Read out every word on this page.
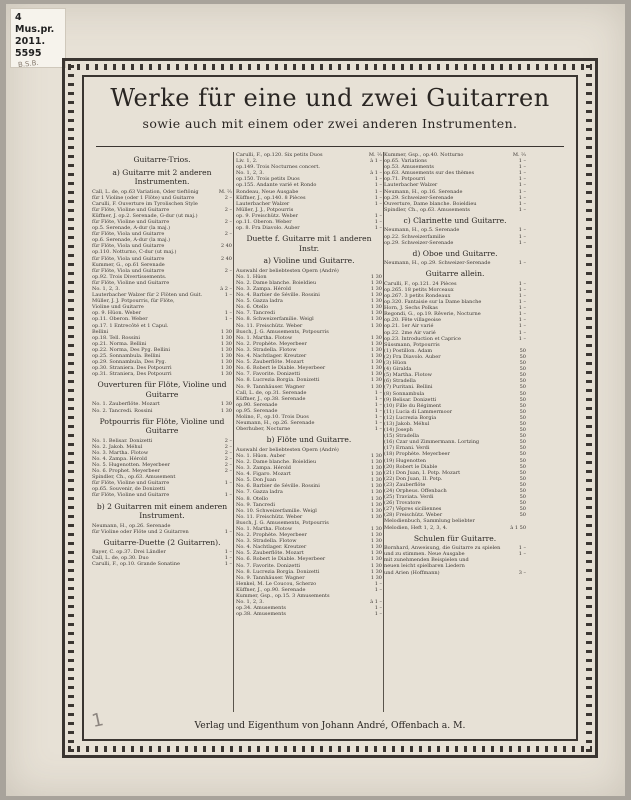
4
Mus.pr.
2011.
5595
B.S.B.
Werke für eine und zwei Guitarren
sowie auch mit einem oder zwei anderen Instrumenten.
Guitarre-Trios.
a) Guitarre mit 2 anderen Instrumenten.
Call, L. de, op.63 Variation, Oder tieftönig	M. ⅔
für 1 Violine (oder 1 Flöte) und Guitarre	2 –
Carulli, F. Ouverture im Tyrolischen Style
für Flöte, Violine und Guitarre	2 –
Küffner, J. op.2. Serenade, G-dur (ut maj.)
für Flöte, Violine und Guitarre	2 –
op.5. Serenade, A-dur (la maj.)
für Flöte, Viola und Guitarre	2 –
op.6. Serenade, A-dur (la maj.)
für Flöte, Viola und Guitarre	2 40
op.110. Notturno, C-dur (ut maj.)
für Flöte, Viola und Guitarre	2 40
Kummer, G., op.61 Serenade
für Flöte, Viola und Guitarre	2 –
op.92. Trois Divertissements.
für Flöte, Violine und Guitarre
No. 1, 2, 3.	à 2 –
Lauterbacher Walzer für 2 Flöten und Guit.	1 –
Müller, J. J. Potpourris, für Flöte,
Violine und Guitarre
op. 9. Hüon. Weber	1 –
op.11. Oberon. Weber	1 –
op.17. 1 Entrecôté et 1 Capul.
Bellini	1 30
op.18. Tell. Rossini	1 30
op.21. Norma. Bellini	1 30
op.22. Norma, Des Pyg. Bellini	1 30
op.25. Sonnambula. Bellini	1 30
op.29. Sonnambula, Des Pyg.	1 30
op.30. Straniera. Des Potpourri	1 30
op.31. Straniera, Des Potpourri	1 30
Ouverturen für Flöte, Violine und Guitarre
No. 1. Zauberflöte. Mozart	1 30
No. 2. Tancredi. Rossini	1 30
Potpourris für Flöte, Violine und Guitarre
No. 1. Belisar. Donizetti	2 –
No. 2. Jakob. Méhul	2 –
No. 3. Martha. Flotow	2 –
No. 4. Zampa. Hérold	2 –
No. 5. Hugenotten. Meyerbeer	2 –
No. 6. Prophet. Meyerbeer	2 –
Spindler, Ch., op.63. Amusement
für Flöte, Violine und Guitarre	1 –
op.65. Souvenir, de Donizetti
für Flöte, Violine und Guitarre	1 –
b) 2 Guitarren mit einem anderen Instrument.
Neumann, H., op.26. Serenade
für Violine oder Flöte und 2 Guitarren	1 –
Guitarre-Duette (2 Guitarren).
Bayer, C. op.37. Drei Ländler	1 –
Call, L. de, op.30. Duo	1 –
Carulli, F., op.10. Grande Sonatine	1 –
Carulli, F., op.120. Six petits Duos	M. ⅔
Liv. 1, 2.	à 1 –
op.149. Trois Nocturnes concert.
No. 1, 2, 3.	à 1 –
op.150. Trois petits Duos	1 –
op.155. Andante varié et Rondo	1 –
Rondeau, Neue Ausgabe	1 –
Küffner, J., op.140. 8 Pièces	1 –
Lauterbacher Walzer	1 –
Müller, J. J., Potpourris
op. 9. Freischütz. Weber	1 –
op.11. Oberon. Weber	1 –
op. 8. Fra Diavolo. Auber	1 –
Duette f. Guitarre mit 1 anderen Instr.
a) Violine und Guitarre.
Auswahl der beliebtesten Opern (André)
No. 1. Hüon	1 30
No. 2. Dame blanche. Boieldieu	1 30
No. 3. Zampa. Hérold	1 30
No. 4. Barbier de Séville. Rossini	1 30
No. 5. Gazza ladra	1 30
No. 6. Otello	1 30
No. 7. Tancredi	1 30
No. 8. Schweizerfamilie. Weigl	1 30
No. 11. Freischütz. Weber	1 30
Busch, J. G. Amusements, Potpourris
No. 1. Martha. Flotow	1 30
No. 2. Prophète. Meyerbeer	1 30
No. 3. Stradella. Flotow	1 30
No. 4. Nachtlager. Kreutzer	1 30
No. 5. Zauberflöte. Mozart	1 30
No. 6. Robert le Diable. Meyerbeer	1 30
No. 7. Favorite. Donizetti	1 30
No. 8. Lucrezia Borgia. Donizetti	1 30
No. 9. Tannhäuser. Wagner	1 30
Call, L. de, op.31. Serenade	1 –
Küffner, J., op.38. Serenade	1 –
op.90. Serenade	1 –
op.95. Serenade	1 –
Molino, F., op.10. Trois Duos	1 –
Neumann, H., op.26. Serenade	1 –
Oberhuber, Nocturne	1 –
b) Flöte und Guitarre.
Auswahl der beliebtesten Opern (André)
No. 1. Hüon. Auber	1 30
No. 2. Dame blanche. Boieldieu	1 30
No. 3. Zampa. Hérold	1 30
No. 4. Figaro. Mozart	1 30
No. 5. Don Juan	1 30
No. 6. Barbier de Séville. Rossini	1 30
No. 7. Gazza ladra	1 30
No. 8. Otello	1 30
No. 9. Tancredi	1 30
No. 10. Schweizerfamilie. Weigl	1 30
No. 11. Freischütz. Weber	1 30
Busch, J. G. Amusements, Potpourris
No. 1. Martha. Flotow	1 30
No. 2. Prophète. Meyerbeer	1 30
No. 3. Stradella. Flotow	1 30
No. 4. Nachtlager. Kreutzer	1 30
No. 5. Zauberflöte. Mozart	1 30
No. 6. Robert le Diable. Meyerbeer	1 30
No. 7. Favorite. Donizetti	1 30
No. 8. Lucrezia Borgia. Donizetti	1 30
No. 9. Tannhäuser. Wagner	1 30
Henkel, M. Le Coucou, Scherzo	1 –
Küffner, J., op.90. Serenade	1 –
Kummer, Gsp., op.15. 3 Amusements
No. 1, 2, 3.	à 1 –
op.34. Amusements	1 –
op.38. Amusements	1 –
Kummer, Gsp., op.40. Notturno	M. ⅔
op.65. Variations	1 –
op.53. Amusements	1 –
op.63. Amusements sur des thèmes	1 –
op.71. Potpourri	1 –
Lauterbacher Walzer	1 –
Neumann, H., op.16. Serenade	1 –
op.29. Schweizer-Serenade	1 –
Ouverture, Dame blanche. Boieldieu	1 –
Spindler, Ch., op.63. Amusements	1 –
c) Clarinette und Guitarre.
Neumann, H., op.5. Serenade	1 –
op.22. Schweizerfamilie	1 –
op.29. Schweizer-Serenade	1 –
d) Oboe und Guitarre.
Neumann, H., op.29. Schweizer-Serenade	1 –
Guitarre allein.
Carulli, F., op.121. 24 Pièces	1 –
op.265. 18 petits Morceaux	1 –
op.267. 3 petits Rondeaux	1 –
op.320. Fantaisie sur la Dame blanche	1 –
Horn, J. Sechs Polkas	1 –
Regondi, G., op.19. Rêverie, Nocturne	1 –
op.20. Fête villageoise	1 –
op.21. 1er Air varié	1 –
op.22. 2me Air varié	1 –
op.23. Introduction et Caprice	1 –
Süssmann, Potpourris
(1) Postillon. Adam	50
(2) Fra Diavolo. Auber	50
(3) Hüon	50
(4) Giralda	50
(5) Martha. Flotow	50
(6) Stradella	50
(7) Puritani. Bellini	50
(8) Sonnambula	50
(9) Belisar. Donizetti	50
(10) Fille du Régiment	50
(11) Lucia di Lammermoor	50
(12) Lucrezia Borgia	50
(13) Jakob. Méhul	50
(14) Joseph	50
(15) Stradella	50
(16) Czar und Zimmermann. Lortzing	50
(17) Ernani. Verdi	50
(18) Prophète. Meyerbeer	50
(19) Hugenotten	50
(20) Robert le Diable	50
(21) Don Juan, I. Potp. Mozart	50
(22) Don Juan, II. Potp.	50
(23) Zauberflöte	50
(24) Orpheus. Offenbach	50
(25) Traviata. Verdi	50
(26) Trovatore	50
(27) Vêpres siciliennes	50
(28) Freischütz. Weber	50
Melodienbuch, Sammlung beliebter
Melodien, Heft 1, 2, 3, 4.	à 1 50
Schulen für Guitarre.
Bornhard, Anweisung, die Guitarre zu spielen	1 –
und zu stimmen. Neue Ausgabe	1 –
mit zunehmenden Beispielen und
neuen leicht spielbaren Liedern
und Arien (Hoffmann)	3 –
Verlag und Eigenthum von Johann André, Offenbach a. M.
1
